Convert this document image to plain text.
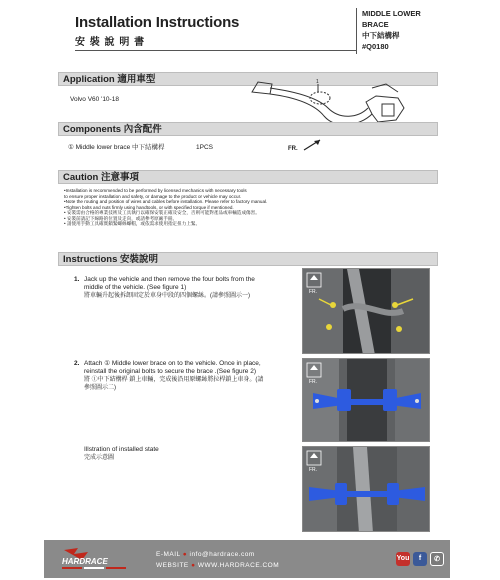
Installation Instructions
安 裝 說 明 書
MIDDLE LOWER BRACE
中下結構桿
#Q0180
Application 適用車型
Volvo V60 '10-18
1
FR.
Components 內含配件
① Middle lower brace 中下結構桿	1PCS
Caution 注意事項
•Installation is recommended to be performed by licensed mechanics with necessary tools
to ensure proper installation and safety, or damage to the product or vehicle may occur.
•Note the routing and position of wires and cables before installation. Please refer to factory manual.
•Tighten bolts and nuts firmly using handtools, or with specified torque if mentioned.
• 安裝需由合格的專業技術及工具執行以確保安裝正確及安全，否則可能對產品或車輛造成傷害。
• 安裝前請記下線路的位置及走向，或請參考原廠手冊。
• 請使用手動工具確實鎖緊螺絲螺帽，或依需求使用指定扭力上緊。
Instructions 安裝說明
1. Jack up the vehicle and then remove the four bolts from the
middle of the vehicle. (See figure 1)
將車輛升起後拆卸固定於車身中段的四個螺絲。(請參照圖示一)
2. Attach ① Middle lower brace on to the vehicle. Once in place,
reinstall the original bolts to secure the brace .(See figure 2)
將 ①中下結構桿 鎖上車輛，完成後沿用原螺絲將拉桿鎖上車身。(請
參照圖示二)
Illstration of installed state
完成示意圖
FR.
FR.
FR.
HARDRACE
E-MAIL ● info@hardrace.com
WEBSITE ● WWW.HARDRACE.COM
You	f	✆
